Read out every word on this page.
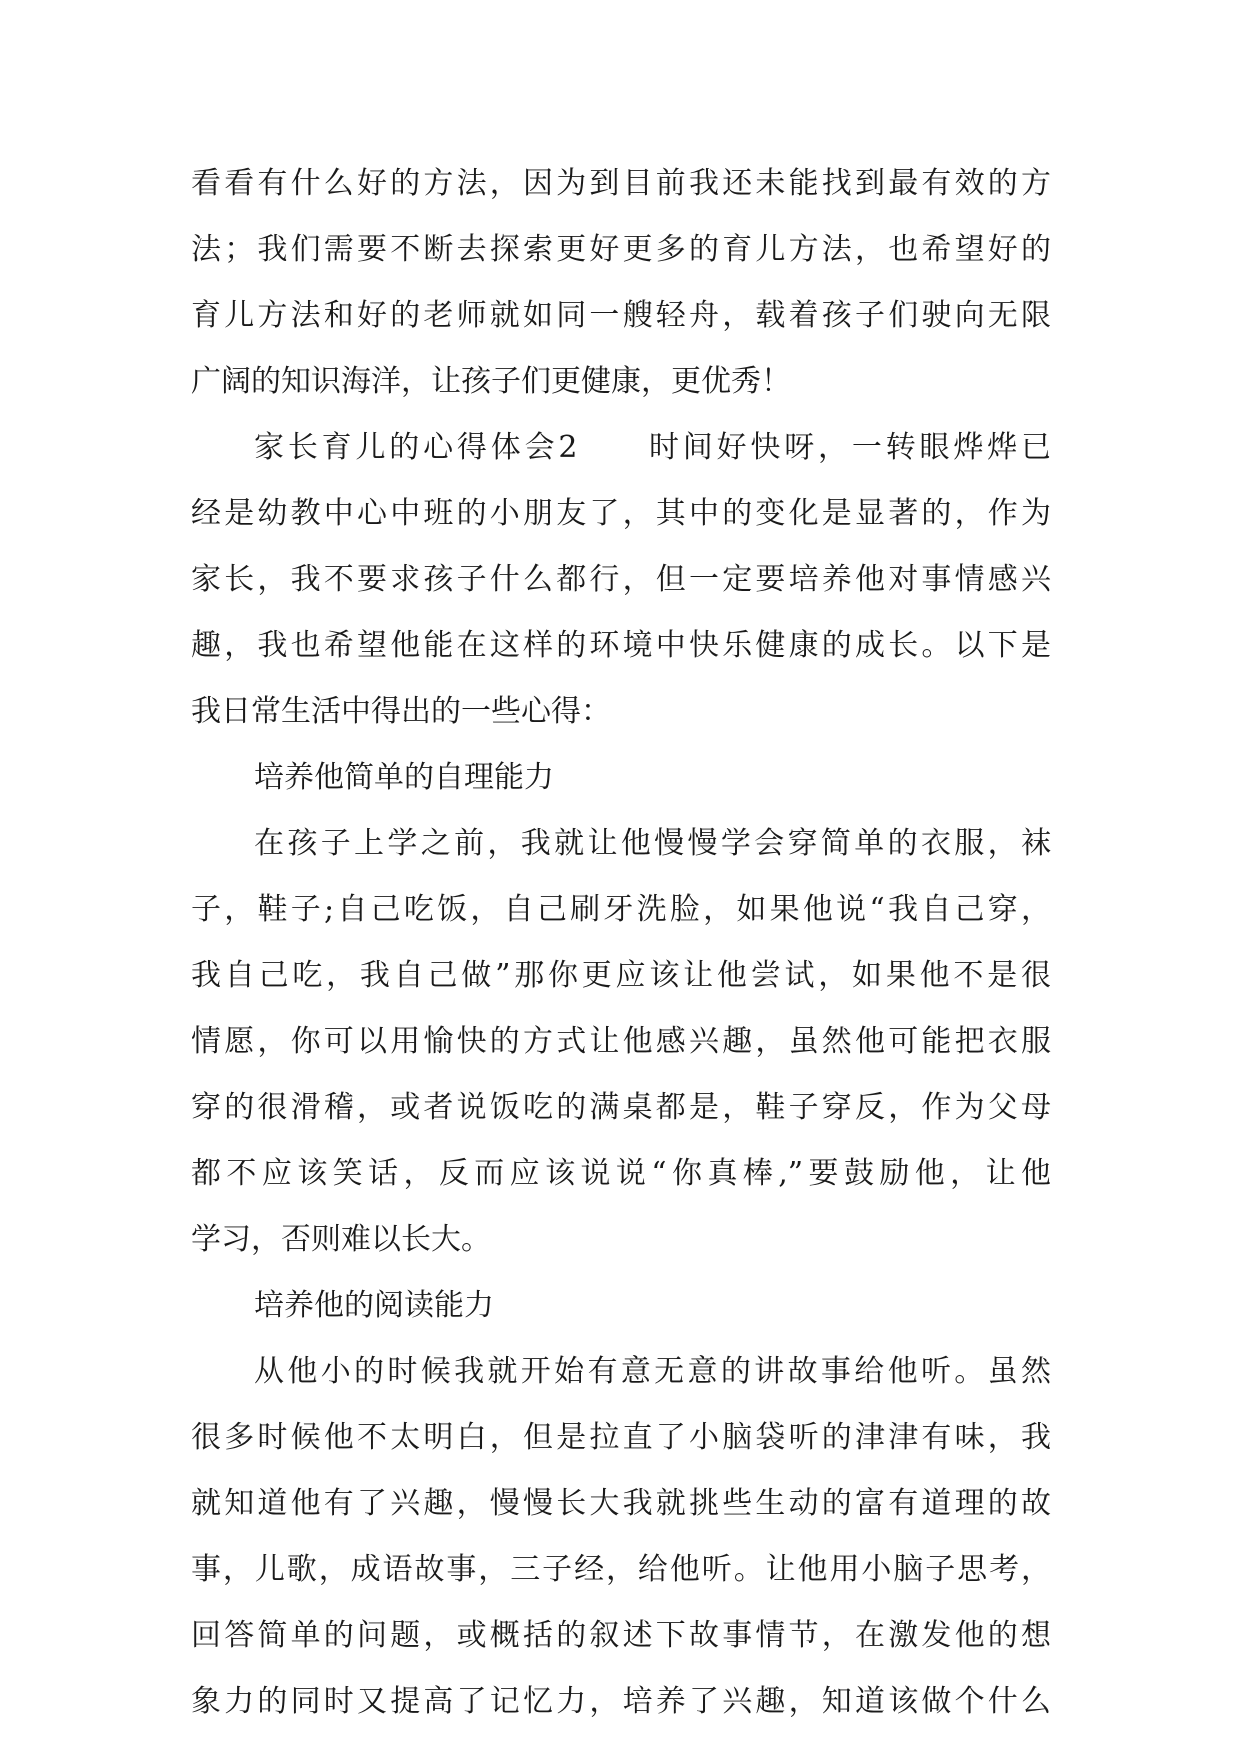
看看有什么好的方法，因为到目前我还未能找到最有效的方
法；我们需要不断去探索更好更多的育儿方法，也希望好的
育儿方法和好的老师就如同一艘轻舟，载着孩子们驶向无限
广阔的知识海洋，让孩子们更健康，更优秀！
家长育儿的心得体会2　　时间好快呀，一转眼烨烨已
经是幼教中心中班的小朋友了，其中的变化是显著的，作为
家长，我不要求孩子什么都行，但一定要培养他对事情感兴
趣，我也希望他能在这样的环境中快乐健康的成长。以下是
我日常生活中得出的一些心得：
培养他简单的自理能力
在孩子上学之前，我就让他慢慢学会穿简单的衣服，袜
子，鞋子;自己吃饭，自己刷牙洗脸，如果他说“我自己穿，
我自己吃，我自己做”那你更应该让他尝试，如果他不是很
情愿，你可以用愉快的方式让他感兴趣，虽然他可能把衣服
穿的很滑稽，或者说饭吃的满桌都是，鞋子穿反，作为父母
都不应该笑话，反而应该说说“你真棒,”要鼓励他，让他
学习，否则难以长大。
培养他的阅读能力
从他小的时候我就开始有意无意的讲故事给他听。虽然
很多时候他不太明白，但是拉直了小脑袋听的津津有味，我
就知道他有了兴趣，慢慢长大我就挑些生动的富有道理的故
事，儿歌，成语故事，三子经，给他听。让他用小脑子思考，
回答简单的问题，或概括的叙述下故事情节，在激发他的想
象力的同时又提高了记忆力，培养了兴趣，知道该做个什么
